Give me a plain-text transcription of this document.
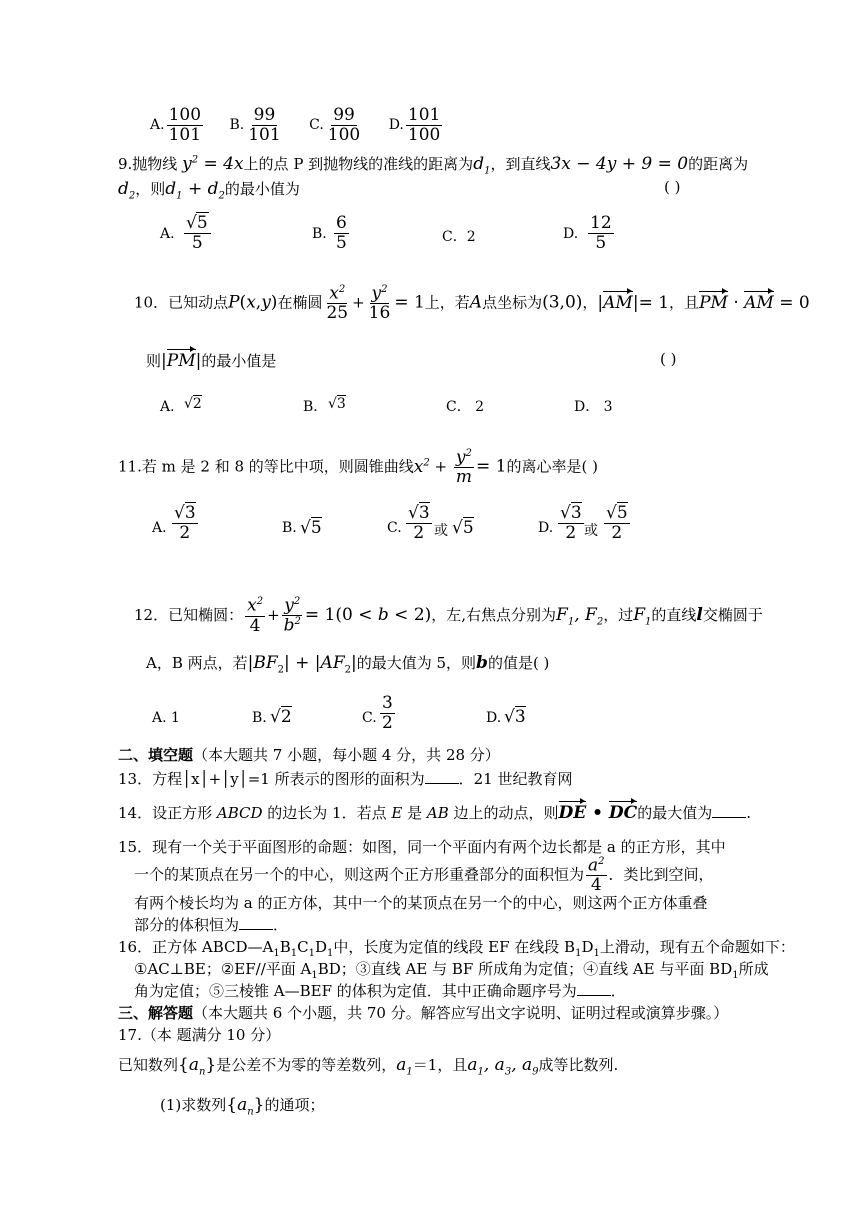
A. $\frac{100}{101} B$. $\frac{99}{101} C$. $\frac{99}{100} D$. $\frac{101}{100}$
9.抛物线 $y^2 = 4x$上的点 P 到抛物线的准线的距离为$d_1$，到直线3x − 4y + 9 = 0的距离为
$d_2$，则$d_1 + d_2$的最小值为	( )
A. $\frac{√5}{5}$	B. $\frac{6}{5}$	C．2	D. $\frac{12}{5}$
10．已知动点P(x,y)在椭圆 $\frac{x^2}{25} + \frac{y^2}{16} = 1$上，若A点坐标为(3,0)，|AM|= 1，且PM · AM = 0
则|PM|的最小值是	( )
A． √2	B． √3	C． 2	D． 3
11.若 m 是 2 和 8 的等比中项，则圆锥曲线$x^2 + \frac{y^2}{m} = 1$的离心率是( )
A. $\frac{√3}{2}$	B. √5	C. $\frac{√3}{2}$ 或 √5	D. $\frac{√3}{2}$ 或 $\frac{√5}{2}$
12．已知椭圆： $\frac{x^2}{4} + \frac{y^2}{b^2} = 1(0 < b < 2)$，左,右焦点分别为$F_1$, $F_2$，过$F_1$的直线l交椭圆于
A，B 两点，若$|BF_2| + |AF_2|$的最大值为 5，则b的值是( )
A. 1	B. √2	C. $\frac{3}{2}$	D. √3
二、填空题（本大题共 7 小题，每小题 4 分，共 28 分）
13．方程│x│+│y│=1 所表示的图形的面积为 ．21 世纪教育网
14．设正方形 ABCD 的边长为 1．若点 E 是 AB 边上的动点，则DE • DC的最大值为 .
15．现有一个关于平面图形的命题：如图，同一个平面内有两个边长都是 a 的正方形，其中
一个的某顶点在另一个的中心，则这两个正方形重叠部分的面积恒为 $\frac{a^2}{4}$ ．类比到空间，
有两个棱长均为 a 的正方体，其中一个的某顶点在另一个的中心，则这两个正方体重叠
部分的体积恒为 ．
16．正方体 $ABCD—A_1B_1C_1D_1$中，长度为定值的线段 EF 在线段 $B_1D_1$上滑动，现有五个命题如下：
①AC⊥BE；②EF//平面 $A_1BD$；③直线 AE 与 BF 所成角为定值；④直线 AE 与平面 $BD_1$所成
角为定值；⑤三棱锥 A—BEF 的体积为定值．其中正确命题序号为 ．
三、解答题（本大题共 6 个小题，共 70 分。解答应写出文字说明、证明过程或演算步骤。）
17.（本 题满分 10 分）
已知数列$\{a_n\}$是公差不为零的等差数列，$a_1=1$，且$a_1$, $a_3$, $a_9$成等比数列.
(1)求数列$\{a_n\}$的通项；
